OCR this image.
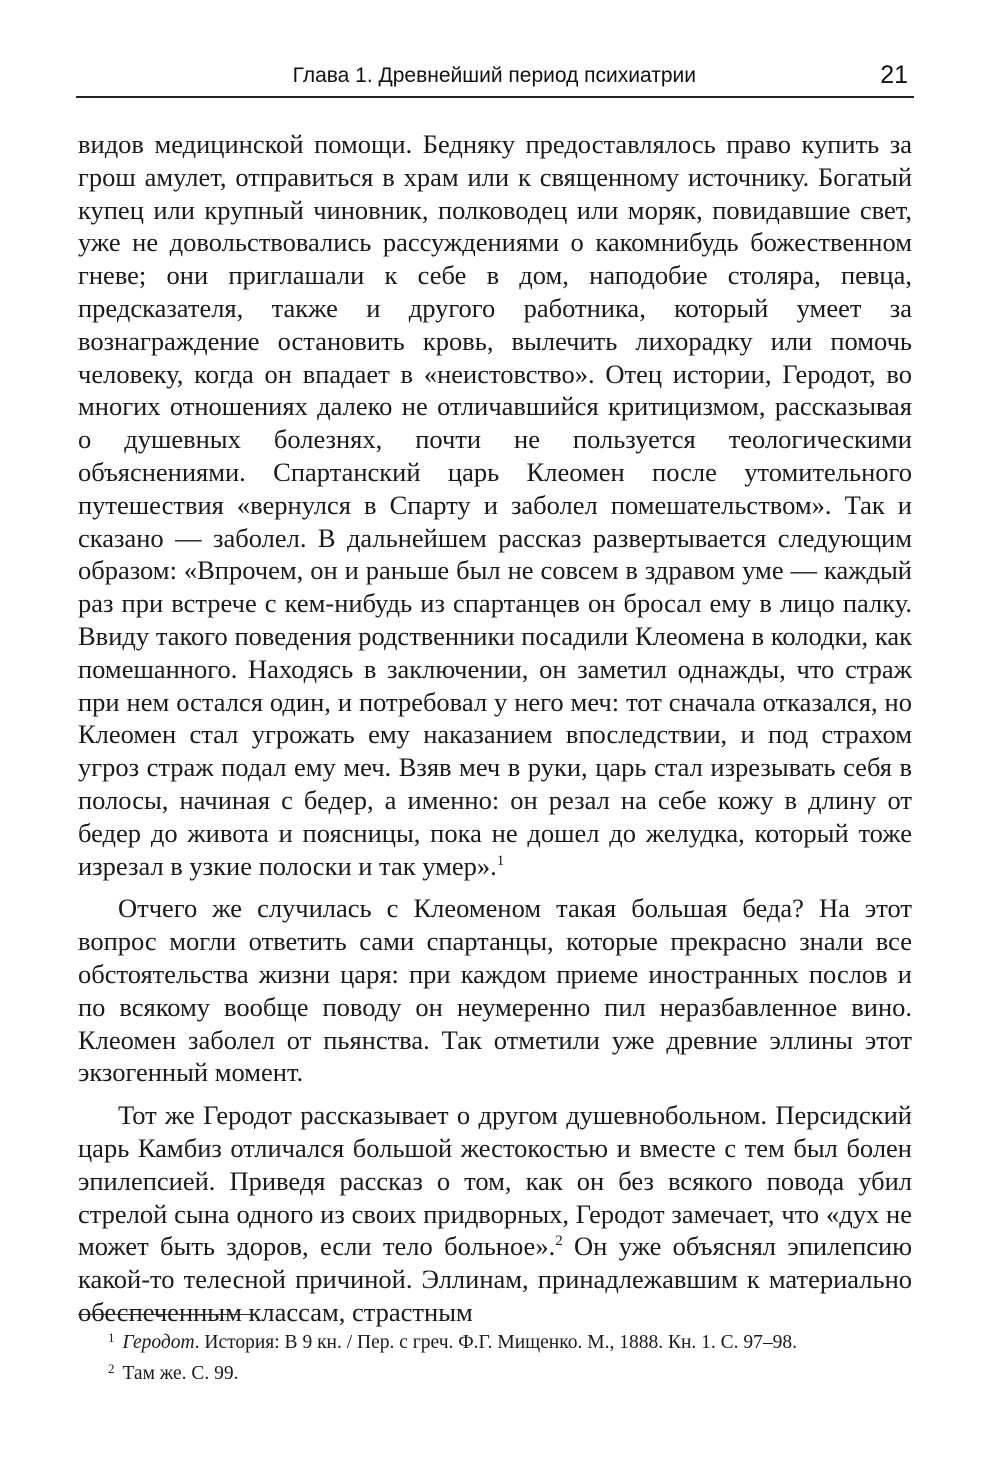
Глава 1. Древнейший период психиатрии	21

видов медицинской помощи. Бедняку предоставлялось право купить за грош амулет, отправиться в храм или к священному источнику. Богатый купец или крупный чиновник, полководец или моряк, повидавшие свет, уже не довольствовались рассуждениями о какомнибудь божественном гневе; они приглашали к себе в дом, наподобие столяра, певца, предсказателя, также и другого работника, который умеет за вознаграждение остановить кровь, вылечить лихорадку или помочь человеку, когда он впадает в «неистовство». Отец истории, Геродот, во многих отношениях далеко не отличавшийся критицизмом, рассказывая о душевных болезнях, почти не пользуется теологическими объяснениями. Спартанский царь Клеомен после утомительного путешествия «вернулся в Спарту и заболел помешательством». Так и сказано — заболел. В дальнейшем рассказ развертывается следующим образом: «Впрочем, он и раньше был не совсем в здравом уме — каждый раз при встрече с кем-нибудь из спартанцев он бросал ему в лицо палку. Ввиду такого поведения родственники посадили Клеомена в колодки, как помешанного. Находясь в заключении, он заметил однажды, что страж при нем остался один, и потребовал у него меч: тот сначала отказался, но Клеомен стал угрожать ему наказанием впоследствии, и под страхом угроз страж подал ему меч. Взяв меч в руки, царь стал изрезывать себя в полосы, начиная с бедер, а именно: он резал на себе кожу в длину от бедер до живота и поясницы, пока не дошел до желудка, который тоже изрезал в узкие полоски и так умер».$^1$

Отчего же случилась с Клеоменом такая большая беда? На этот вопрос могли ответить сами спартанцы, которые прекрасно знали все обстоятельства жизни царя: при каждом приеме иностранных послов и по всякому вообще поводу он неумеренно пил неразбавленное вино. Клеомен заболел от пьянства. Так отметили уже древние эллины этот экзогенный момент.

Тот же Геродот рассказывает о другом душевнобольном. Персидский царь Камбиз отличался большой жестокостью и вместе с тем был болен эпилепсией. Приведя рассказ о том, как он без всякого повода убил стрелой сына одного из своих придворных, Геродот замечает, что «дух не может быть здоров, если тело больное».$^2$ Он уже объяснял эпилепсию какой-то телесной причиной. Эллинам, принадлежавшим к материально обеспеченным классам, страстным

$^1$ Геродот. История: В 9 кн. / Пер. с греч. Ф.Г. Мищенко. М., 1888. Кн. 1. С. 97–98.

$^2$ Там же. С. 99.
